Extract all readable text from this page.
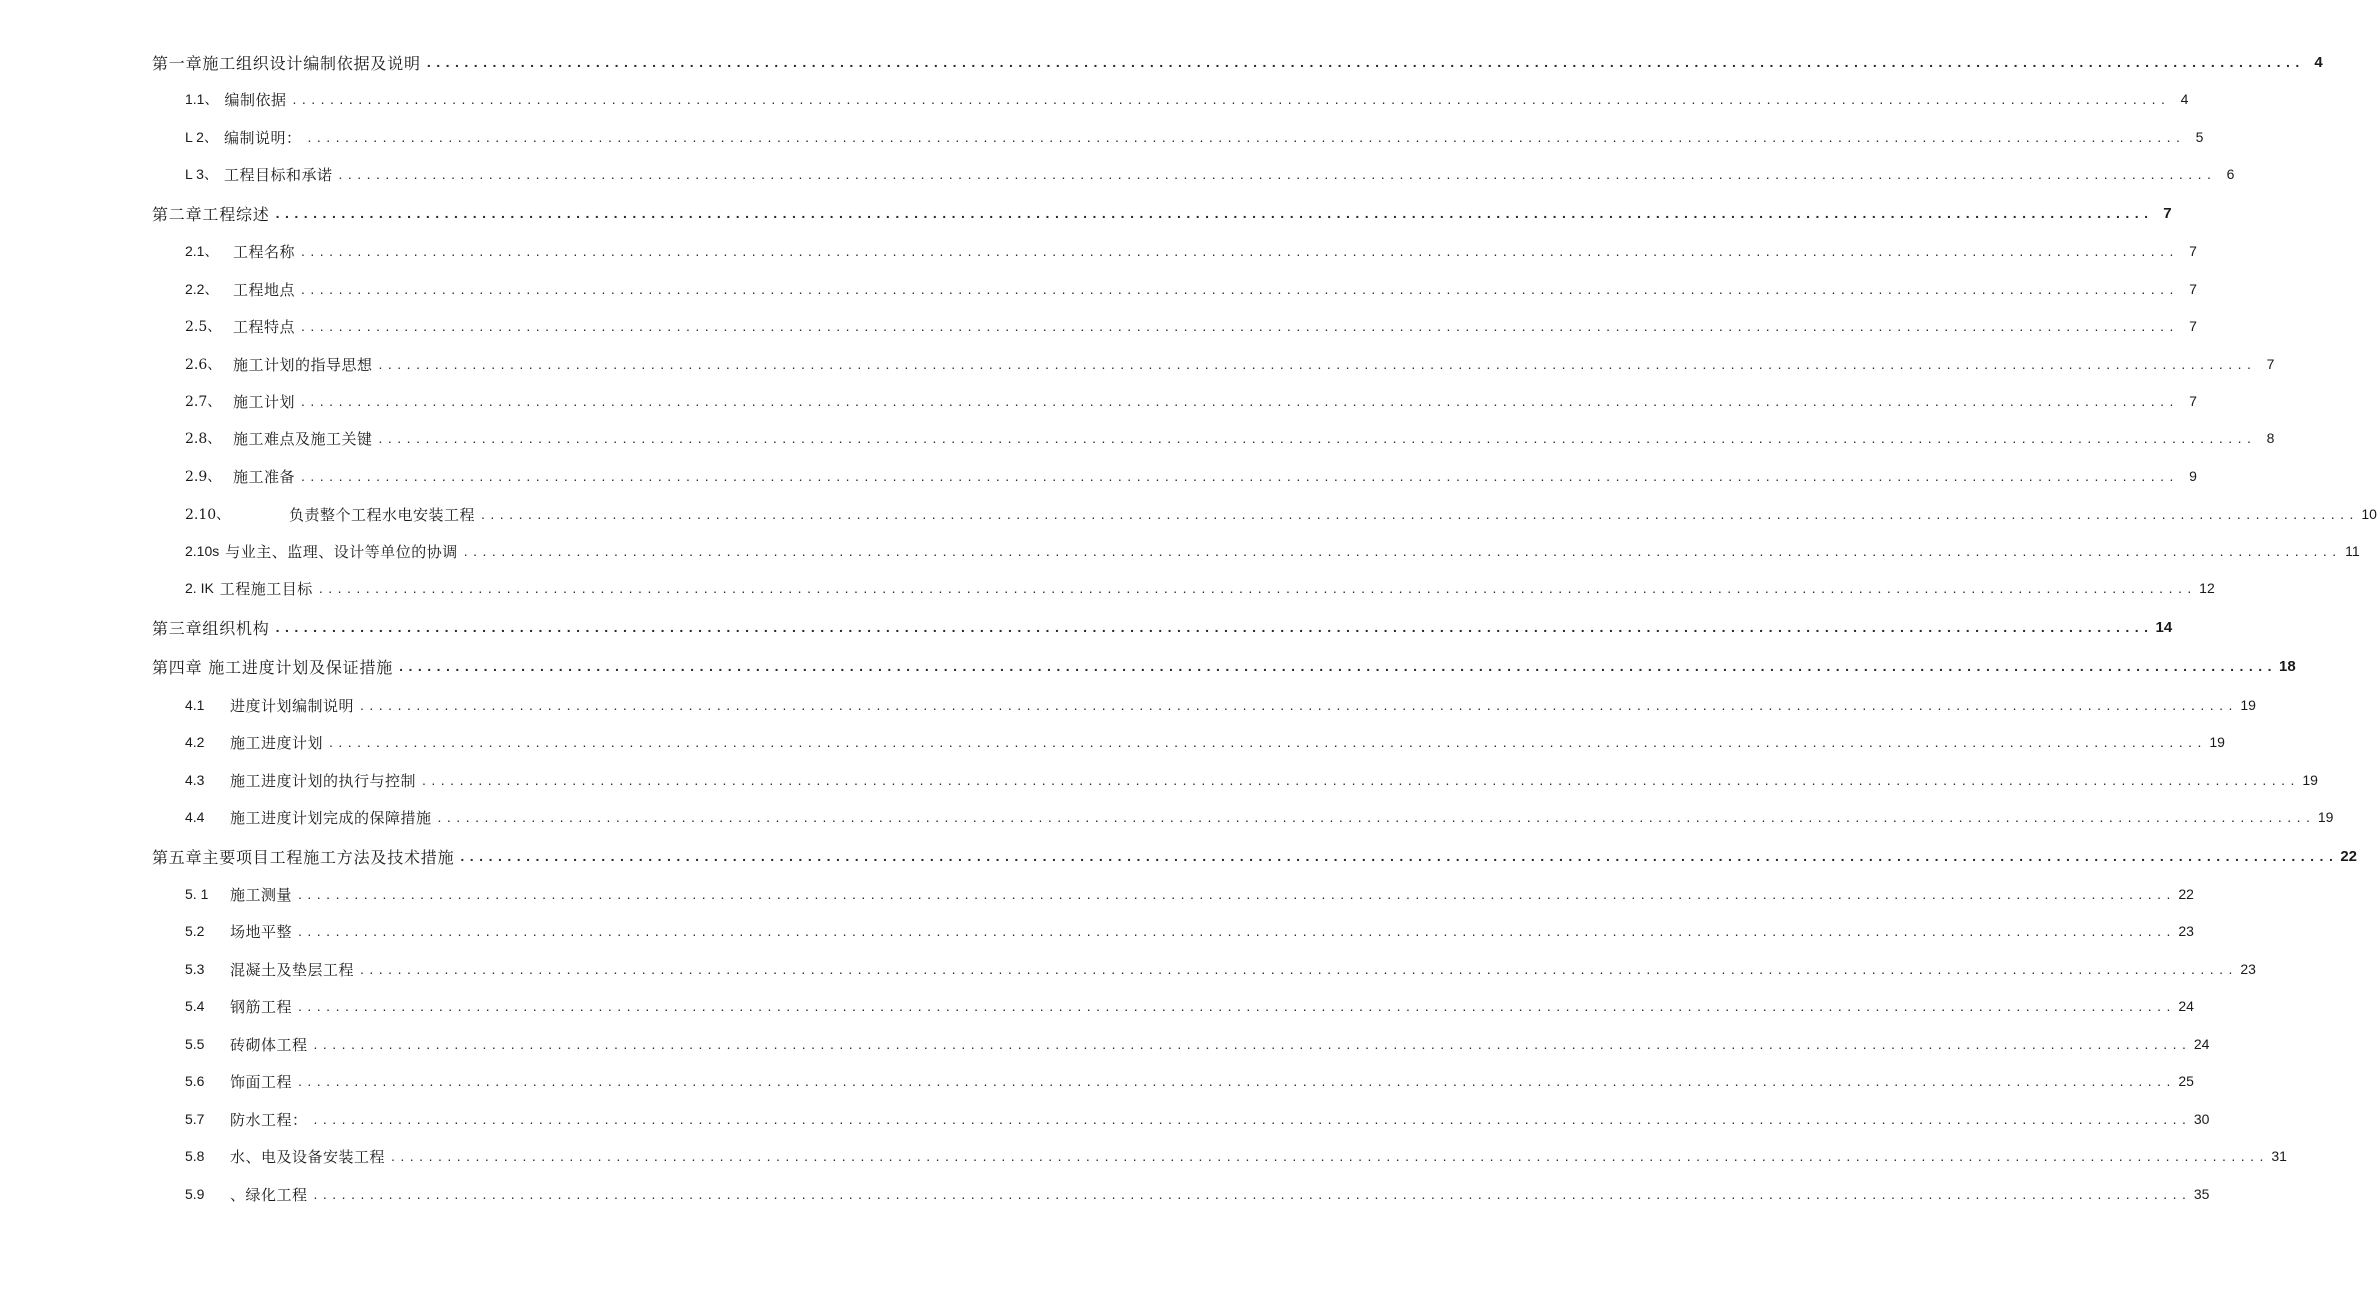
第一章施工组织设计编制依据及说明 ........................................................................................................................................................................................................ 4
1.1、 编制依据 ........................................................................................................................................................................................................ 4
L 2、 编制说明： ........................................................................................................................................................................................................ 5
L 3、 工程目标和承诺 ........................................................................................................................................................................................................ 6
第二章工程综述 ........................................................................................................................................................................................................ 7
2.1、 工程名称 ........................................................................................................................................................................................................ 7
2.2、 工程地点 ........................................................................................................................................................................................................ 7
2.5、 工程特点 ........................................................................................................................................................................................................ 7
2.6、 施工计划的指导思想 ........................................................................................................................................................................................................ 7
2.7、 施工计划 ........................................................................................................................................................................................................ 7
2.8、 施工难点及施工关键 ........................................................................................................................................................................................................ 8
2.9、 施工准备 ........................................................................................................................................................................................................ 9
2.10、	负责整个工程水电安装工程 ........................................................................................................................................................................................................ 10
2.10s 与业主、监理、设计等单位的协调 ........................................................................................................................................................................................................ 11
2. IK 工程施工目标 ........................................................................................................................................................................................................ 12
第三章组织机构 ........................................................................................................................................................................................................ 14
第四章 施工进度计划及保证措施 ........................................................................................................................................................................................................ 18
4.1	进度计划编制说明 ........................................................................................................................................................................................................ 19
4.2	施工进度计划 ........................................................................................................................................................................................................ 19
4.3	施工进度计划的执行与控制 ........................................................................................................................................................................................................ 19
4.4	施工进度计划完成的保障措施 ........................................................................................................................................................................................................ 19
第五章主要项目工程施工方法及技术措施 ........................................................................................................................................................................................................ 22
5. 1	施工测量 ........................................................................................................................................................................................................ 22
5.2	场地平整 ........................................................................................................................................................................................................ 23
5.3	混凝土及垫层工程 ........................................................................................................................................................................................................ 23
5.4	钢筋工程 ........................................................................................................................................................................................................ 24
5.5	砖砌体工程 ........................................................................................................................................................................................................ 24
5.6	饰面工程 ........................................................................................................................................................................................................ 25
5.7	防水工程： ........................................................................................................................................................................................................ 30
5.8	水、电及设备安装工程 ........................................................................................................................................................................................................ 31
5.9	、绿化工程 ........................................................................................................................................................................................................ 35
